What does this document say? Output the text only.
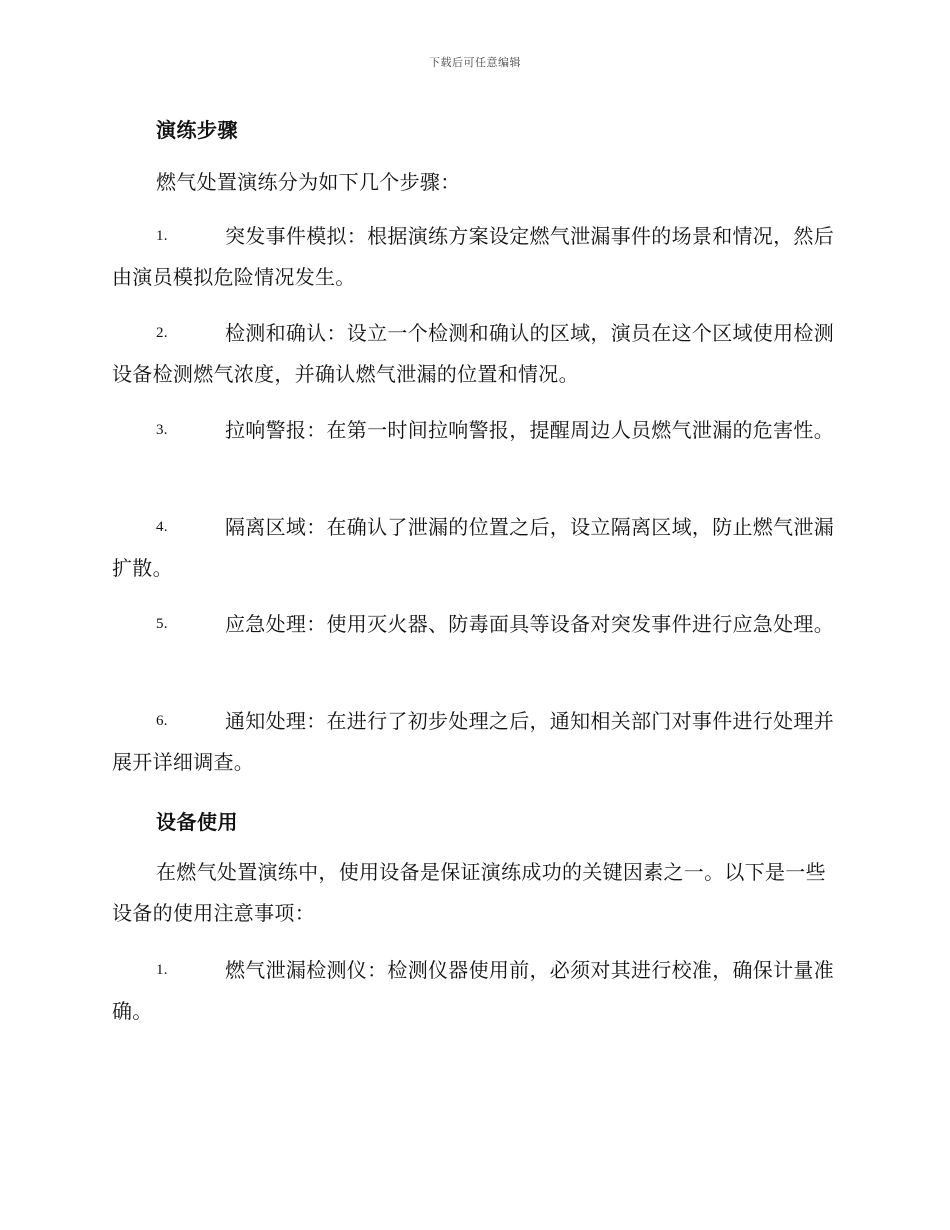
下载后可任意编辑
演练步骤
燃气处置演练分为如下几个步骤：
1.	突发事件模拟：根据演练方案设定燃气泄漏事件的场景和情况，然后由演员模拟危险情况发生。
2.	检测和确认：设立一个检测和确认的区域，演员在这个区域使用检测设备检测燃气浓度，并确认燃气泄漏的位置和情况。
3.	拉响警报：在第一时间拉响警报，提醒周边人员燃气泄漏的危害性。
4.	隔离区域：在确认了泄漏的位置之后，设立隔离区域，防止燃气泄漏扩散。
5.	应急处理：使用灭火器、防毒面具等设备对突发事件进行应急处理。
6.	通知处理：在进行了初步处理之后，通知相关部门对事件进行处理并展开详细调查。
设备使用
在燃气处置演练中，使用设备是保证演练成功的关键因素之一。以下是一些设备的使用注意事项：
1.	燃气泄漏检测仪：检测仪器使用前，必须对其进行校准，确保计量准确。
